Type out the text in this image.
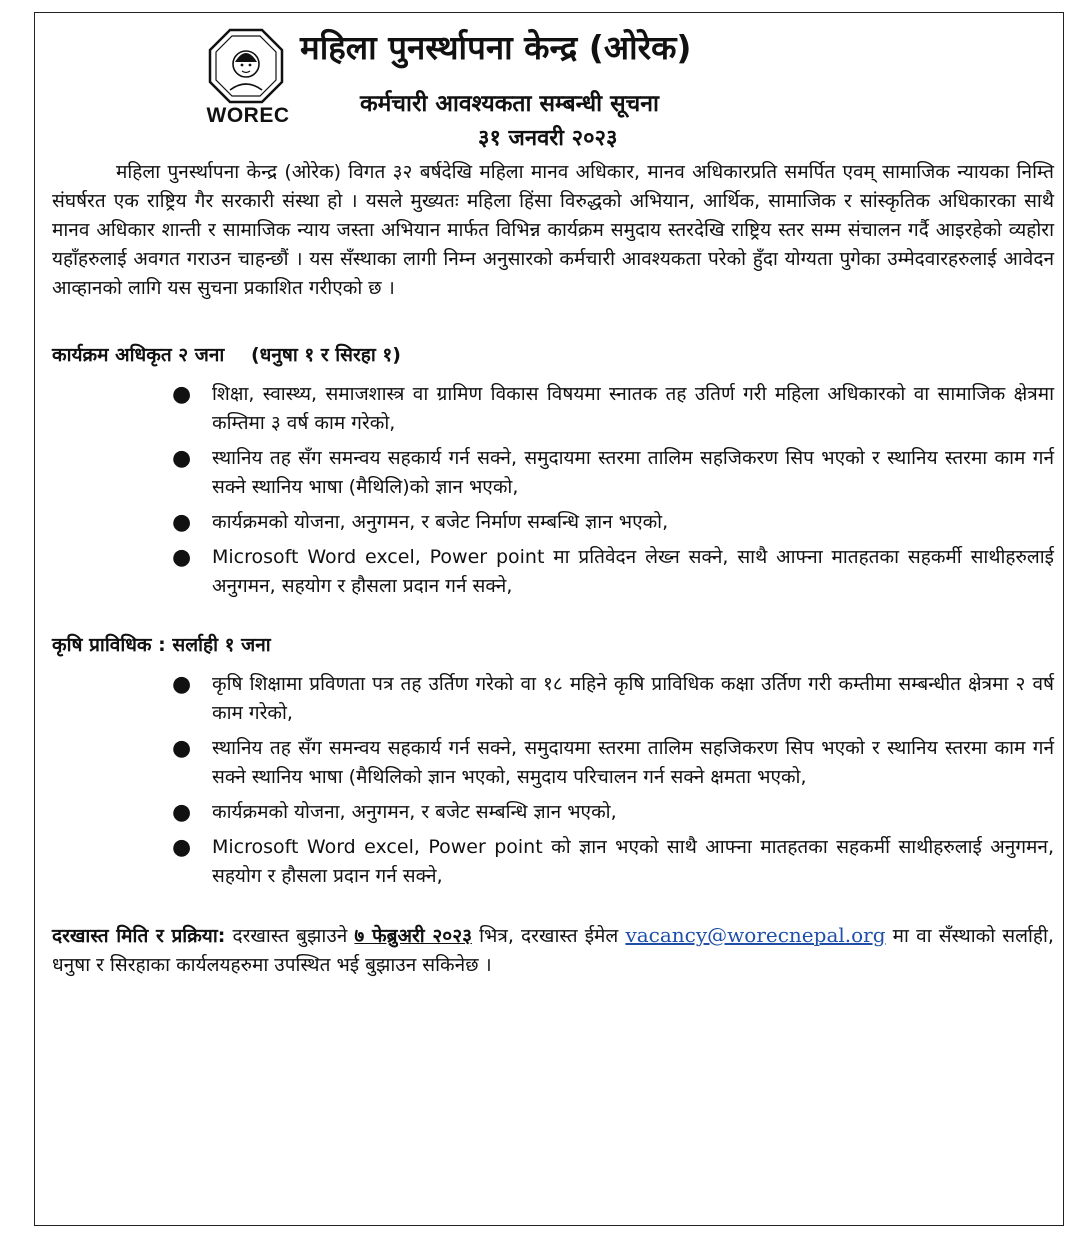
WOREC
महिला पुनर्स्थापना केन्द्र (ओरेक)
कर्मचारी आवश्यकता सम्बन्धी सूचना
३१ जनवरी २०२३

महिला पुनर्स्थापना केन्द्र (ओरेक) विगत ३२ बर्षदेखि महिला मानव अधिकार, मानव अधिकारप्रति समर्पित एवम् सामाजिक न्यायका निम्ति संघर्षरत एक राष्ट्रिय गैर सरकारी संस्था हो । यसले मुख्यतः महिला हिंसा विरुद्धको अभियान, आर्थिक, सामाजिक र सांस्कृतिक अधिकारका साथै मानव अधिकार शान्ती र सामाजिक न्याय जस्ता अभियान मार्फत विभिन्न कार्यक्रम समुदाय स्तरदेखि राष्ट्रिय स्तर सम्म संचालन गर्दै आइरहेको व्यहोरा यहाँहरुलाई अवगत गराउन चाहन्छौं । यस सँस्थाका लागी निम्न अनुसारको कर्मचारी आवश्यकता परेको हुँदा योग्यता पुगेका उम्मेदवारहरुलाई आवेदन आव्हानको लागि यस सुचना प्रकाशित गरीएको छ ।

कार्यक्रम अधिकृत २ जना (धनुषा १ र सिरहा १)
● शिक्षा, स्वास्थ्य, समाजशास्त्र वा ग्रामिण विकास विषयमा स्नातक तह उतिर्ण गरी महिला अधिकारको वा सामाजिक क्षेत्रमा कम्तिमा ३ वर्ष काम गरेको,
● स्थानिय तह सँग समन्वय सहकार्य गर्न सक्ने, समुदायमा स्तरमा तालिम सहजिकरण सिप भएको र स्थानिय स्तरमा काम गर्न सक्ने स्थानिय भाषा (मैथिलि)को ज्ञान भएको,
● कार्यक्रमको योजना, अनुगमन, र बजेट निर्माण सम्बन्धि ज्ञान भएको,
● Microsoft Word excel, Power point मा प्रतिवेदन लेख्न सक्ने, साथै आफ्ना मातहतका सहकर्मी साथीहरुलाई अनुगमन, सहयोग र हौसला प्रदान गर्न सक्ने,
कृषि प्राविधिक : सर्लाही १ जना
● कृषि शिक्षामा प्रविणता पत्र तह उर्तिण गरेको वा १८ महिने कृषि प्राविधिक कक्षा उर्तिण गरी कम्तीमा सम्बन्धीत क्षेत्रमा २ वर्ष काम गरेको,
● स्थानिय तह सँग समन्वय सहकार्य गर्न सक्ने, समुदायमा स्तरमा तालिम सहजिकरण सिप भएको र स्थानिय स्तरमा काम गर्न सक्ने स्थानिय भाषा (मैथिलिको ज्ञान भएको, समुदाय परिचालन गर्न सक्ने क्षमता भएको,
● कार्यक्रमको योजना, अनुगमन, र बजेट सम्बन्धि ज्ञान भएको,
● Microsoft Word excel, Power point को ज्ञान भएको साथै आफ्ना मातहतका सहकर्मी साथीहरुलाई अनुगमन, सहयोग र हौसला प्रदान गर्न सक्ने,

दरखास्त मिति र प्रक्रिया: दरखास्त बुझाउने ७ फेब्रुअरी २०२३ भित्र, दरखास्त ईमेल vacancy@worecnepal.org मा वा सँस्थाको सर्लाही, धनुषा र सिरहाका कार्यलयहरुमा उपस्थित भई बुझाउन सकिनेछ ।
